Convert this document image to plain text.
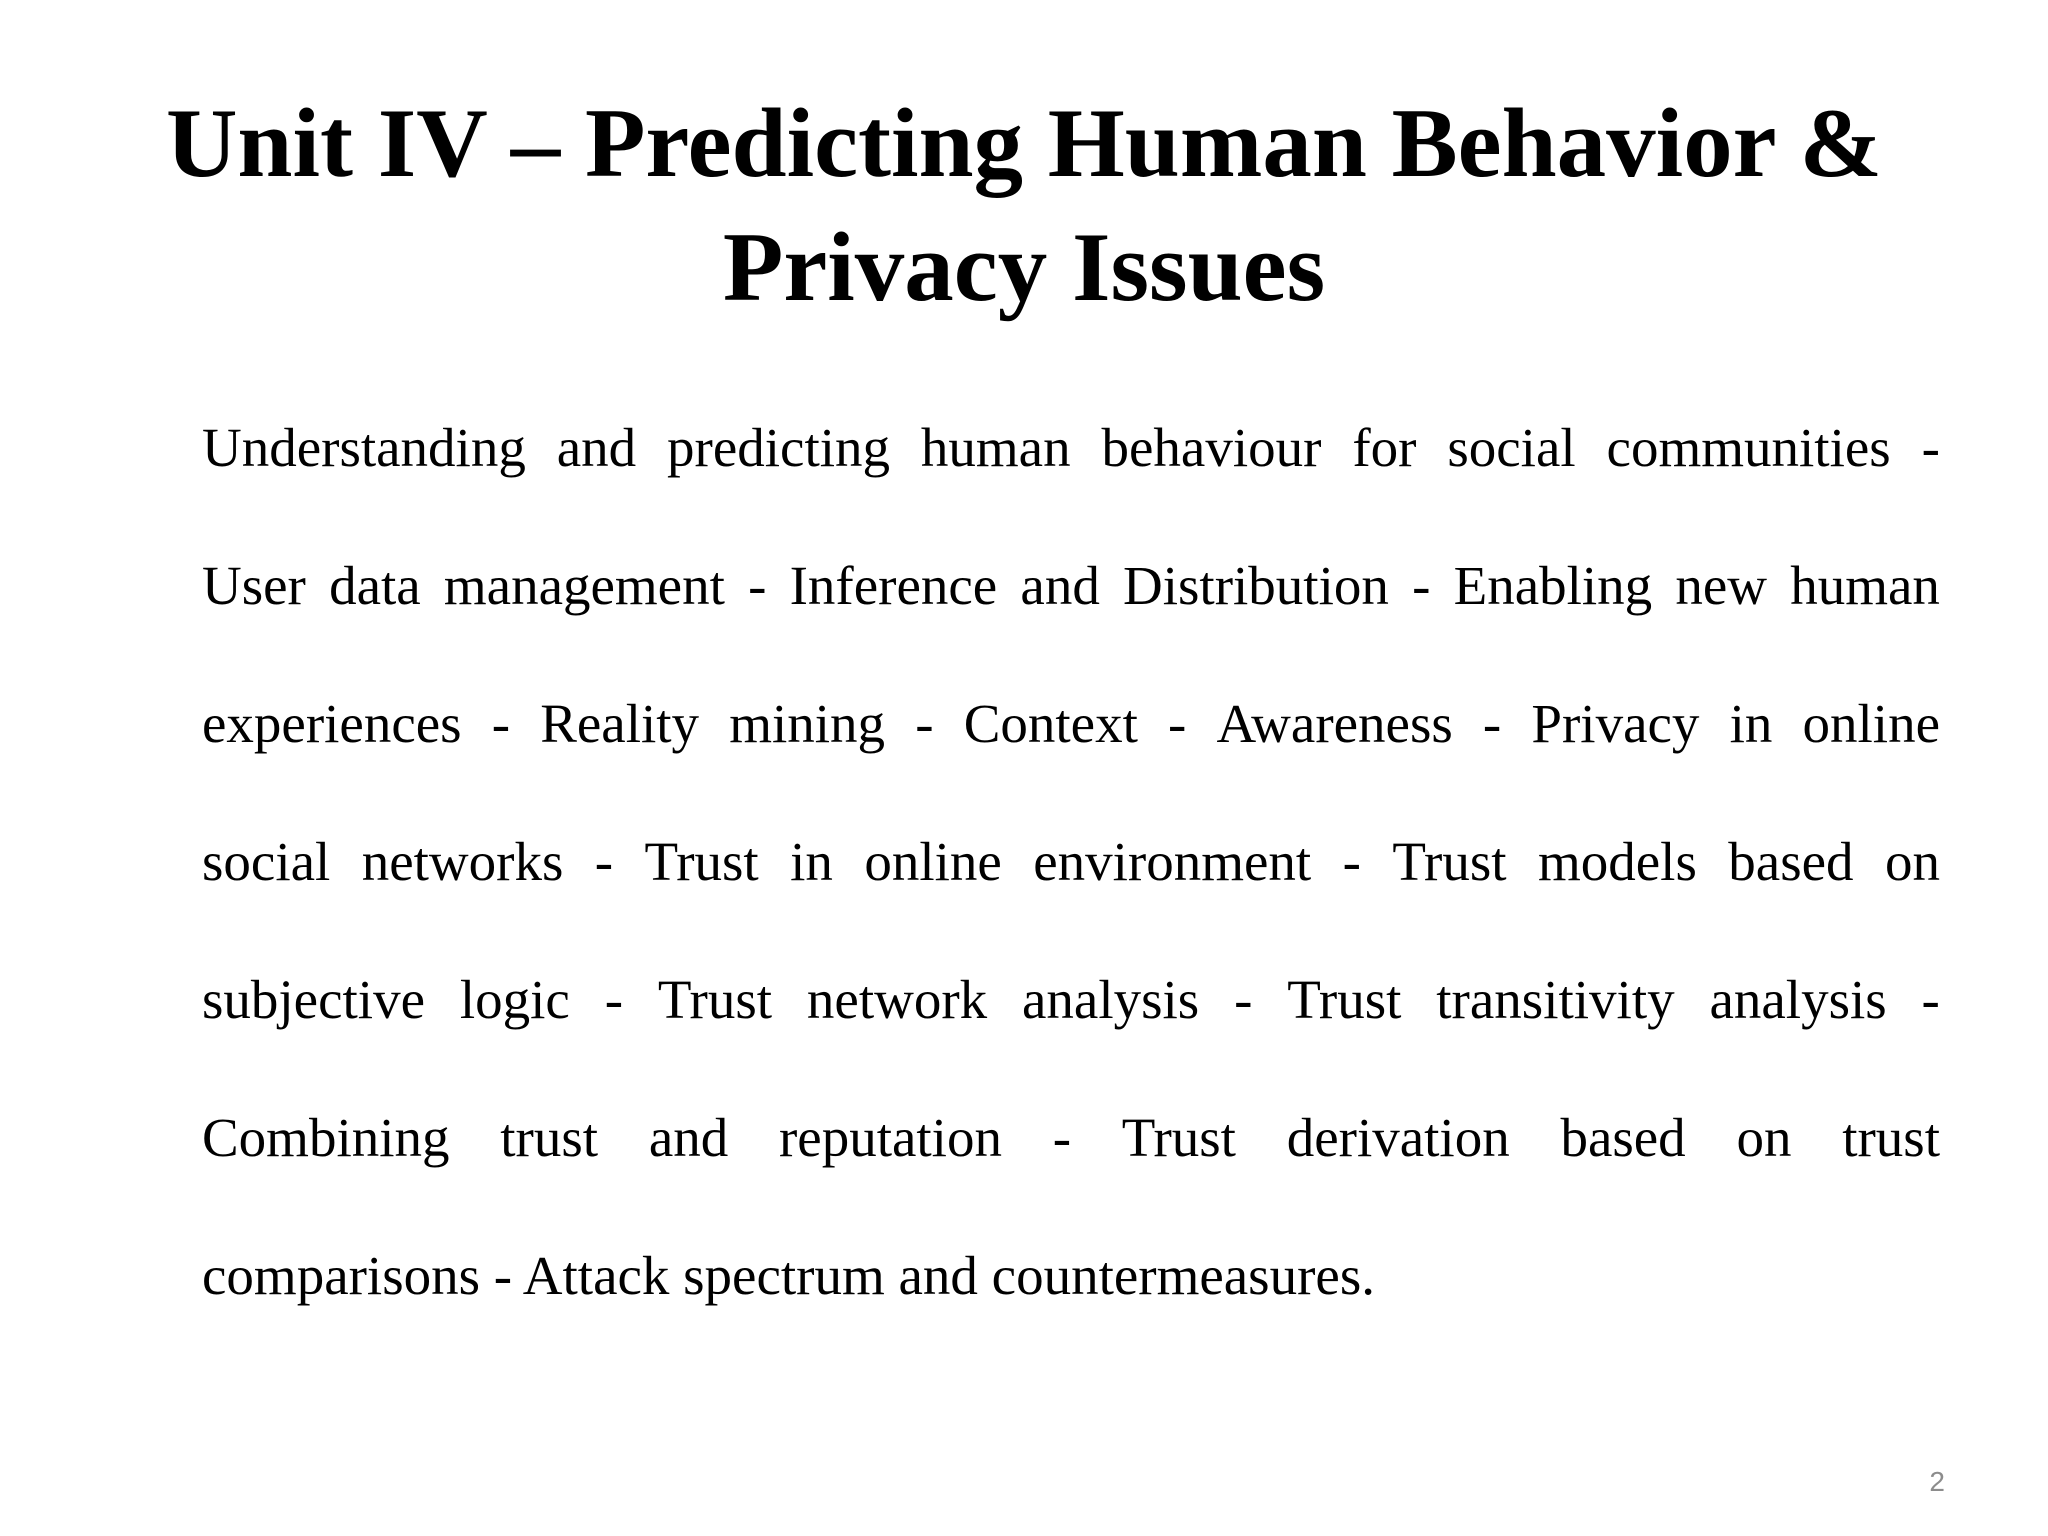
Unit IV – Predicting Human Behavior &
Privacy Issues
Understanding and predicting human behaviour for social communities -
User data management - Inference and Distribution - Enabling new human
experiences - Reality mining - Context - Awareness - Privacy in online
social networks - Trust in online environment - Trust models based on
subjective logic - Trust network analysis - Trust transitivity analysis -
Combining trust and reputation - Trust derivation based on trust
comparisons - Attack spectrum and countermeasures.
2
